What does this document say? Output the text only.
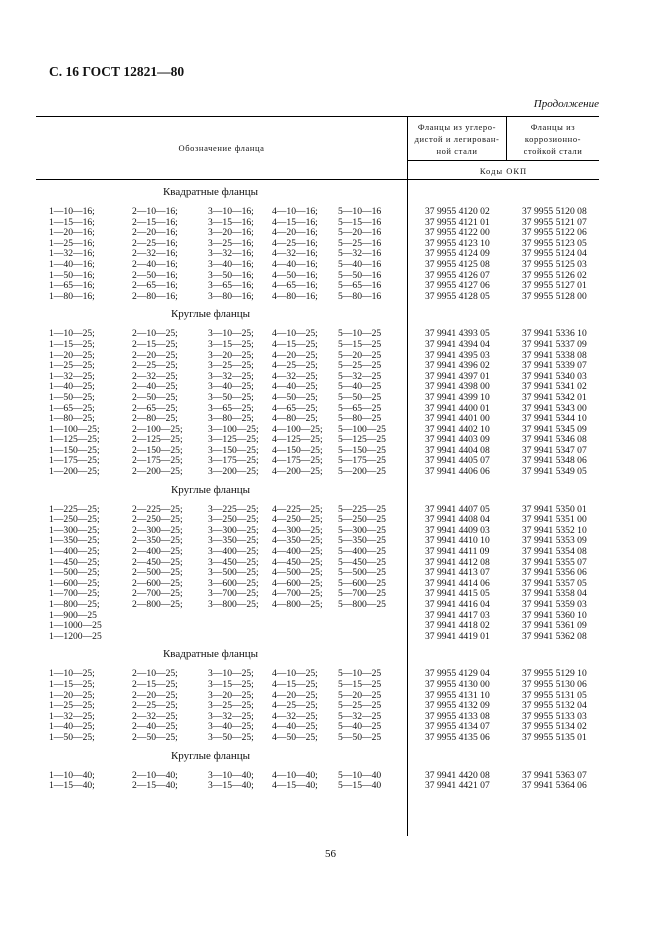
С. 16 ГОСТ 12821—80
Продолжение
Обозначение фланца
Фланцы из углеро-
дистой и легирован-
ной стали
Фланцы из
коррозионно-
стойкой стали
Коды ОКП
Квадратные фланцы
1—10—16;	2—10—16;	3—10—16; 4—10—16; 5—10—16	37 9955 4120 02	37 9955 5120 08
1—15—16;	2—15—16;	3—15—16; 4—15—16; 5—15—16	37 9955 4121 01	37 9955 5121 07
1—20—16;	2—20—16;	3—20—16; 4—20—16; 5—20—16	37 9955 4122 00	37 9955 5122 06
1—25—16;	2—25—16;	3—25—16; 4—25—16; 5—25—16	37 9955 4123 10	37 9955 5123 05
1—32—16;	2—32—16;	3—32—16; 4—32—16; 5—32—16	37 9955 4124 09	37 9955 5124 04
1—40—16;	2—40—16;	3—40—16; 4—40—16; 5—40—16	37 9955 4125 08	37 9955 5125 03
1—50—16;	2—50—16;	3—50—16; 4—50—16; 5—50—16	37 9955 4126 07	37 9955 5126 02
1—65—16;	2—65—16;	3—65—16; 4—65—16; 5—65—16	37 9955 4127 06	37 9955 5127 01
1—80—16;	2—80—16;	3—80—16; 4—80—16; 5—80—16	37 9955 4128 05	37 9955 5128 00
Круглые фланцы
1—10—25;	2—10—25;	3—10—25; 4—10—25; 5—10—25	37 9941 4393 05	37 9941 5336 10
1—15—25;	2—15—25;	3—15—25; 4—15—25; 5—15—25	37 9941 4394 04	37 9941 5337 09
1—20—25;	2—20—25;	3—20—25; 4—20—25; 5—20—25	37 9941 4395 03	37 9941 5338 08
1—25—25;	2—25—25;	3—25—25; 4—25—25; 5—25—25	37 9941 4396 02	37 9941 5339 07
1—32—25;	2—32—25;	3—32—25; 4—32—25; 5—32—25	37 9941 4397 01	37 9941 5340 03
1—40—25;	2—40—25;	3—40—25; 4—40—25; 5—40—25	37 9941 4398 00	37 9941 5341 02
1—50—25;	2—50—25;	3—50—25; 4—50—25; 5—50—25	37 9941 4399 10	37 9941 5342 01
1—65—25;	2—65—25;	3—65—25; 4—65—25; 5—65—25	37 9941 4400 01	37 9941 5343 00
1—80—25;	2—80—25;	3—80—25; 4—80—25; 5—80—25	37 9941 4401 00	37 9941 5344 10
1—100—25;	2—100—25;	3—100—25; 4—100—25; 5—100—25	37 9941 4402 10	37 9941 5345 09
1—125—25;	2—125—25;	3—125—25; 4—125—25; 5—125—25	37 9941 4403 09	37 9941 5346 08
1—150—25;	2—150—25;	3—150—25; 4—150—25; 5—150—25	37 9941 4404 08	37 9941 5347 07
1—175—25;	2—175—25;	3—175—25; 4—175—25; 5—175—25	37 9941 4405 07	37 9941 5348 06
1—200—25;	2—200—25;	3—200—25; 4—200—25; 5—200—25	37 9941 4406 06	37 9941 5349 05
Круглые фланцы
1—225—25;	2—225—25;	3—225—25; 4—225—25; 5—225—25	37 9941 4407 05	37 9941 5350 01
1—250—25;	2—250—25;	3—250—25; 4—250—25; 5—250—25	37 9941 4408 04	37 9941 5351 00
1—300—25;	2—300—25;	3—300—25; 4—300—25; 5—300—25	37 9941 4409 03	37 9941 5352 10
1—350—25;	2—350—25;	3—350—25; 4—350—25; 5—350—25	37 9941 4410 10	37 9941 5353 09
1—400—25;	2—400—25;	3—400—25; 4—400—25; 5—400—25	37 9941 4411 09	37 9941 5354 08
1—450—25;	2—450—25;	3—450—25; 4—450—25; 5—450—25	37 9941 4412 08	37 9941 5355 07
1—500—25;	2—500—25;	3—500—25; 4—500—25; 5—500—25	37 9941 4413 07	37 9941 5356 06
1—600—25;	2—600—25;	3—600—25; 4—600—25; 5—600—25	37 9941 4414 06	37 9941 5357 05
1—700—25;	2—700—25;	3—700—25; 4—700—25; 5—700—25	37 9941 4415 05	37 9941 5358 04
1—800—25;	2—800—25;	3—800—25; 4—800—25; 5—800—25	37 9941 4416 04	37 9941 5359 03
1—900—25	37 9941 4417 03	37 9941 5360 10
1—1000—25	37 9941 4418 02	37 9941 5361 09
1—1200—25	37 9941 4419 01	37 9941 5362 08
Квадратные фланцы
1—10—25;	2—10—25;	3—10—25; 4—10—25; 5—10—25	37 9955 4129 04	37 9955 5129 10
1—15—25;	2—15—25;	3—15—25; 4—15—25; 5—15—25	37 9955 4130 00	37 9955 5130 06
1—20—25;	2—20—25;	3—20—25; 4—20—25; 5—20—25	37 9955 4131 10	37 9955 5131 05
1—25—25;	2—25—25;	3—25—25; 4—25—25; 5—25—25	37 9955 4132 09	37 9955 5132 04
1—32—25;	2—32—25;	3—32—25; 4—32—25; 5—32—25	37 9955 4133 08	37 9955 5133 03
1—40—25;	2—40—25;	3—40—25; 4—40—25; 5—40—25	37 9955 4134 07	37 9955 5134 02
1—50—25;	2—50—25;	3—50—25; 4—50—25; 5—50—25	37 9955 4135 06	37 9955 5135 01
Круглые фланцы
1—10—40;	2—10—40;	3—10—40; 4—10—40; 5—10—40	37 9941 4420 08	37 9941 5363 07
1—15—40;	2—15—40;	3—15—40; 4—15—40; 5—15—40	37 9941 4421 07	37 9941 5364 06
56
